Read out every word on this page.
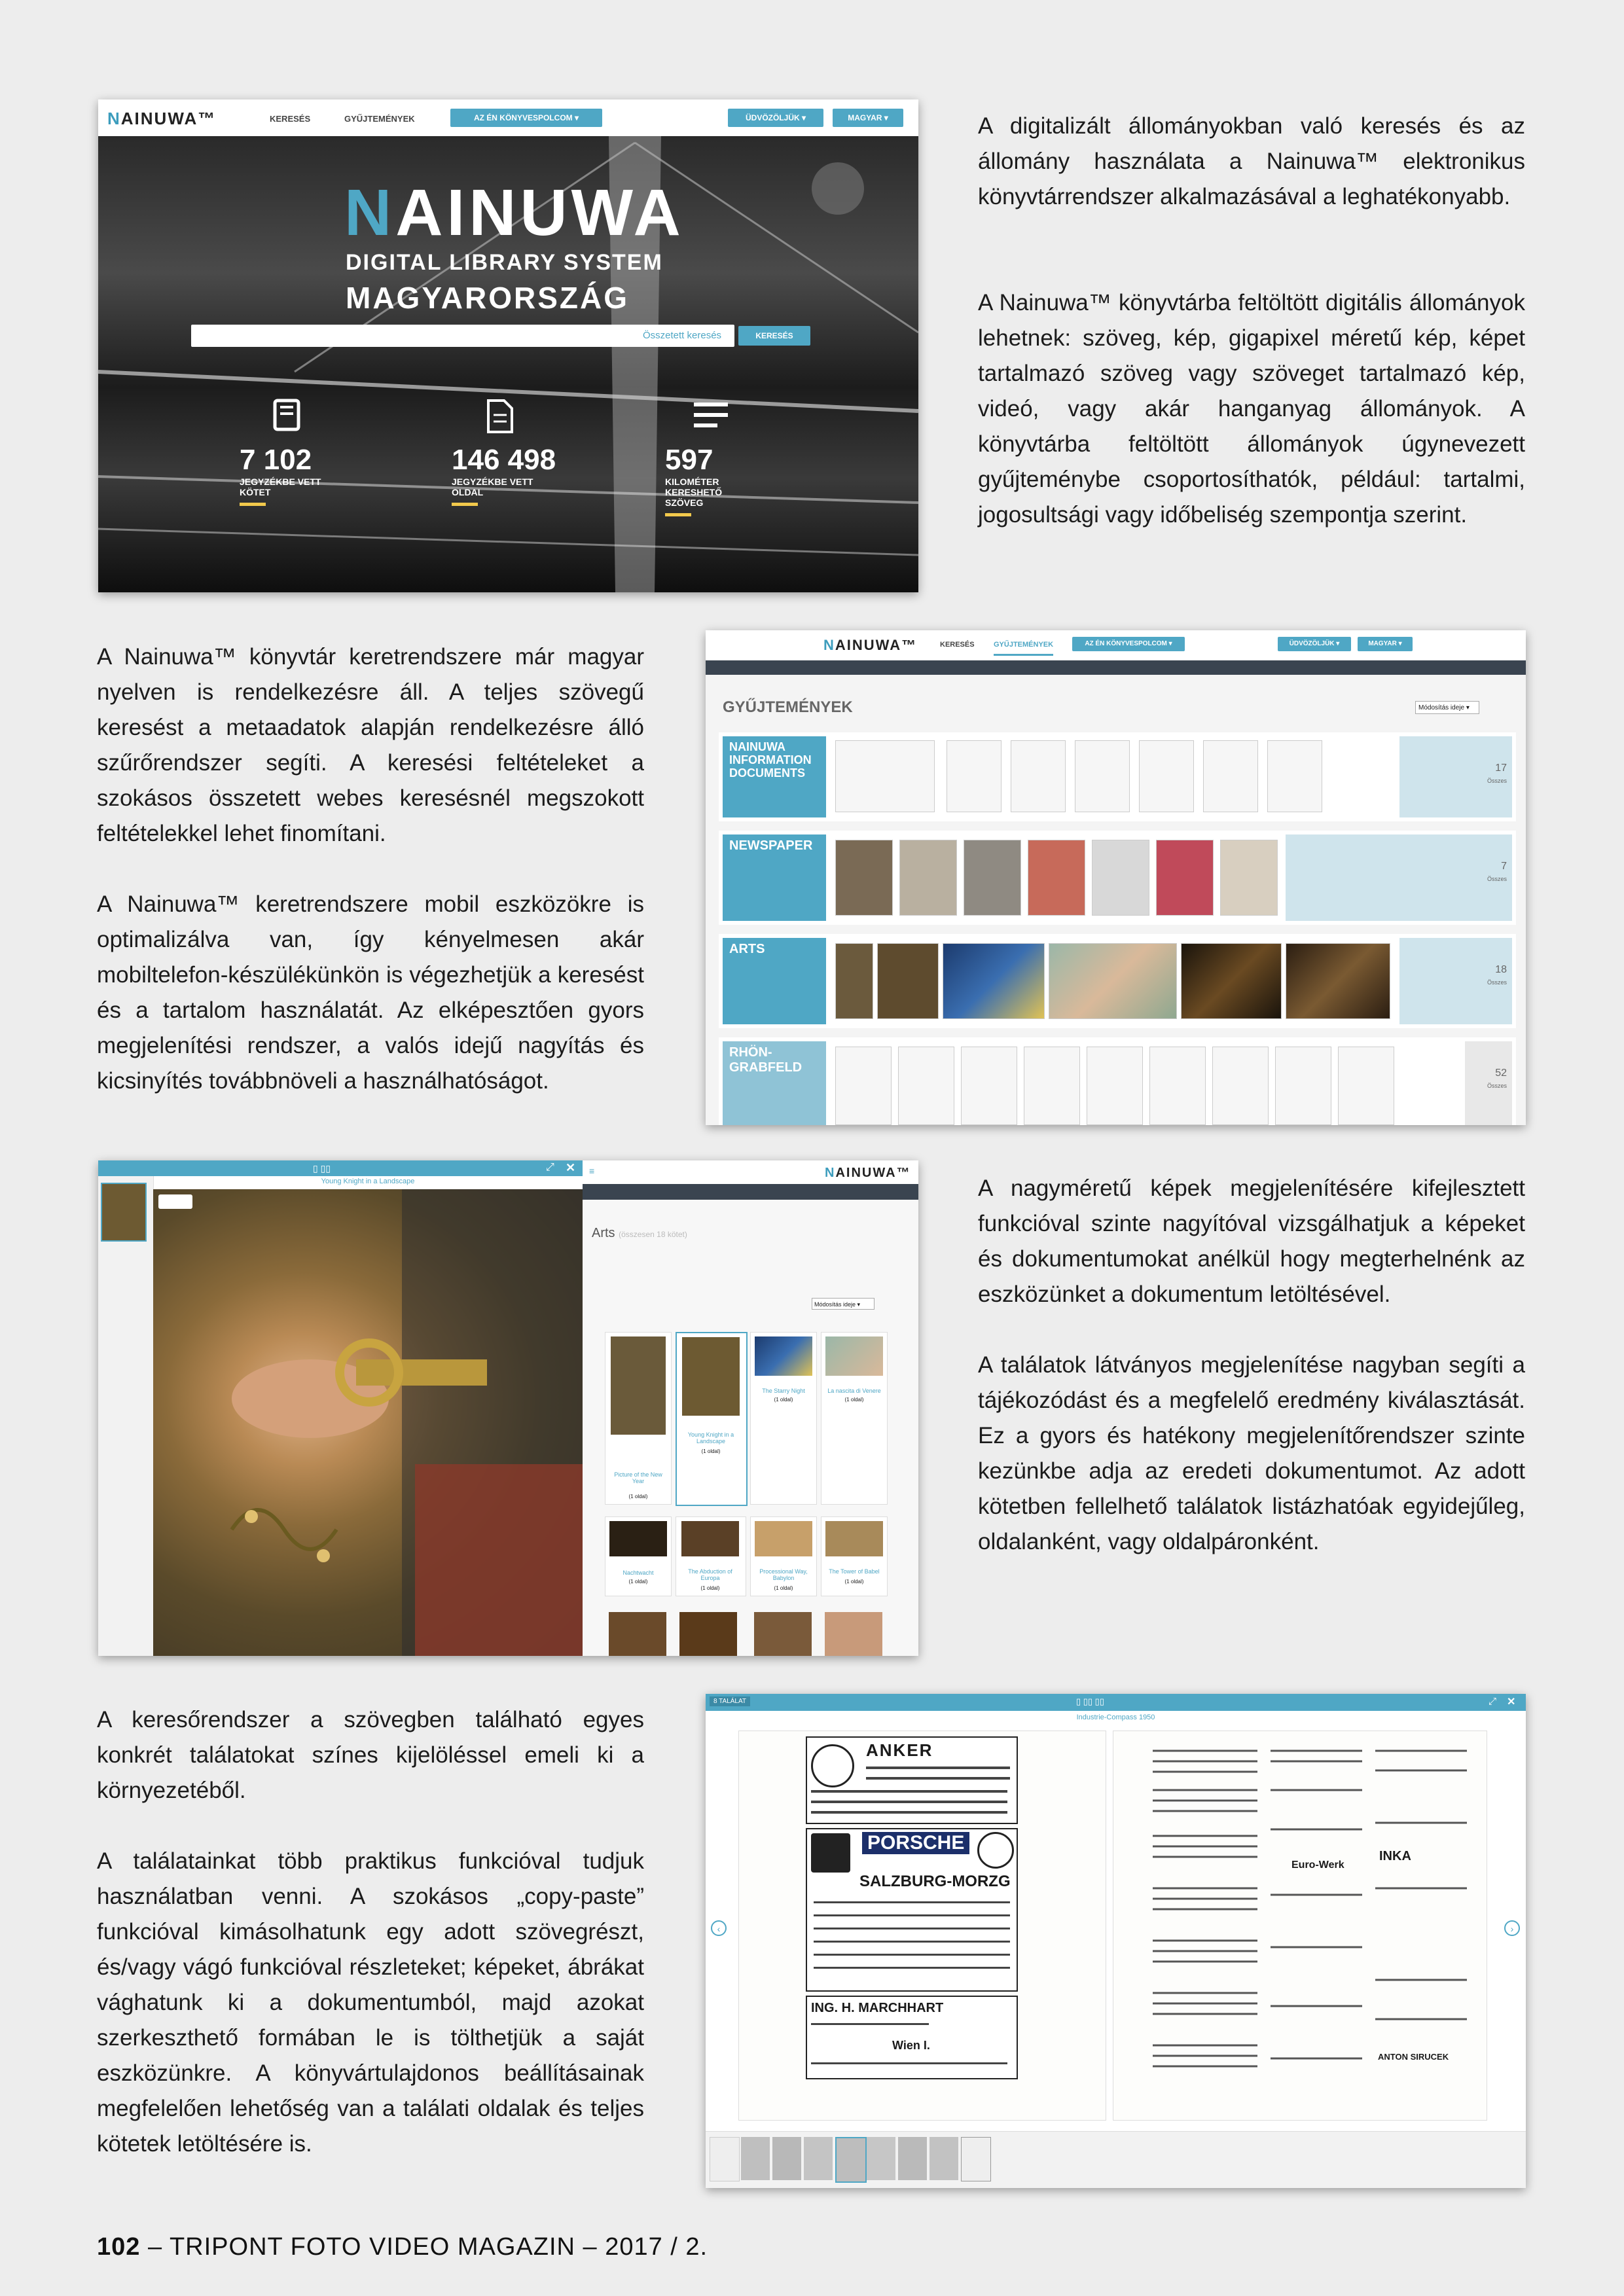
A digitalizált állományokban való keresés és az állomány használata a Nainuwa™ elektronikus könyvtárrendszer alkalmazásával a leghatékonyabb.

A Nainuwa™ könyvtárba feltöltött digitális állományok lehetnek: szöveg, kép, gigapixel méretű kép, képet tartalmazó szöveg vagy szöveget tartalmazó kép, videó, vagy akár hanganyag állományok. A könyvtárba feltöltött állományok úgynevezett gyűjteménybe csoportosíthatók, például: tartalmi, jogosultsági vagy időbeliség szempontja szerint.

A Nainuwa™ könyvtár keretrendszere már magyar nyelven is rendelkezésre áll. A teljes szövegű keresést a metaadatok alapján rendelkezésre álló szűrőrendszer segíti. A keresési feltételeket a szokásos összetett webes keresésnél megszokott feltételekkel lehet finomítani.

A Nainuwa™ keretrendszere mobil eszközökre is optimalizálva van, így kényelmesen akár mobiltelefon-készülékünkön is végezhetjük a keresést és a tartalom használatát. Az elképesztően gyors megjelenítési rendszer, a valós idejű nagyítás és kicsinyítés továbbnöveli a használhatóságot.

A nagyméretű képek megjelenítésére kifejlesztett funkcióval szinte nagyítóval vizsgálhatjuk a képeket és dokumentumokat anélkül hogy megterhelnénk az eszközünket a dokumentum letöltésével.

A találatok látványos megjelenítése nagyban segíti a tájékozódást és a megfelelő eredmény kiválasztását. Ez a gyors és hatékony megjelenítőrendszer szinte kezünkbe adja az eredeti dokumentumot. Az adott kötetben fellelhető találatok listázhatóak egyidejűleg, oldalanként, vagy oldalpáronként.

A keresőrendszer a szövegben található egyes konkrét találatokat színes kijelöléssel emeli ki a környezetéből.

A találatainkat több praktikus funkcióval tudjuk használatban venni. A szokásos „copy-paste” funkcióval kimásolhatunk egy adott szövegrészt, és/vagy vágó funkcióval részleteket; képeket, ábrákat vághatunk ki a dokumentumból, majd azokat szerkeszthető formában le is tölthetjük a saját eszközünkre. A könyvártulajdonos beállításainak megfelelően lehetőség van a találati oldalak és teljes kötetek letöltésére is.

NAINUWA™	KERESÉS	GYŰJTEMÉNYEK	AZ ÉN KÖNYVESPOLCOM ▾	ÜDVÖZÖLJÜK ▾	MAGYAR ▾
NAINUWA
DIGITAL LIBRARY SYSTEM
MAGYARORSZÁG
Összetett keresés	KERESÉS
7 102
JEGYZÉKBE VETT KÖTET
146 498
JEGYZÉKBE VETT OLDAL
597
KILOMÉTER KERESHETŐ SZÖVEG
NAINUWA™	KERESÉS	GYŰJTEMÉNYEK	AZ ÉN KÖNYVESPOLCOM ▾	ÜDVÖZÖLJÜK ▾	MAGYAR ▾
GYŰJTEMÉNYEK	Módosítás ideje ▾
NAINUWA INFORMATION DOCUMENTS	17
Összes
NEWSPAPER
7
Összes
ARTS
18
Összes
RHÖN-GRABFELD	52
Összes
▯ ▯▯	⤢ ✕
Young Knight in a Landscape
≡	NAINUWA™
Arts (összesen 18 kötet)
Módosítás ideje ▾
Picture of the New Year
(1 oldal)
Young Knight in a Landscape
(1 oldal)
The Starry Night
(1 oldal)
La nascita di Venere
(1 oldal)
Nachtwacht
(1 oldal)
The Abduction of Europa
(1 oldal)
Processional Way, Babylon
(1 oldal)
The Tower of Babel
(1 oldal)
8 TALÁLAT	▯ ▯▯ ▯▯	⤢ ✕
Industrie-Compass 1950
‹	›
ANKER
PORSCHE
SALZBURG-MORZG
ING. H. MARCHHART
Wien I.
Euro-Werk
INKA
ANTON SIRUCEK
102 – TRIPONT FOTO VIDEO MAGAZIN – 2017 / 2.
